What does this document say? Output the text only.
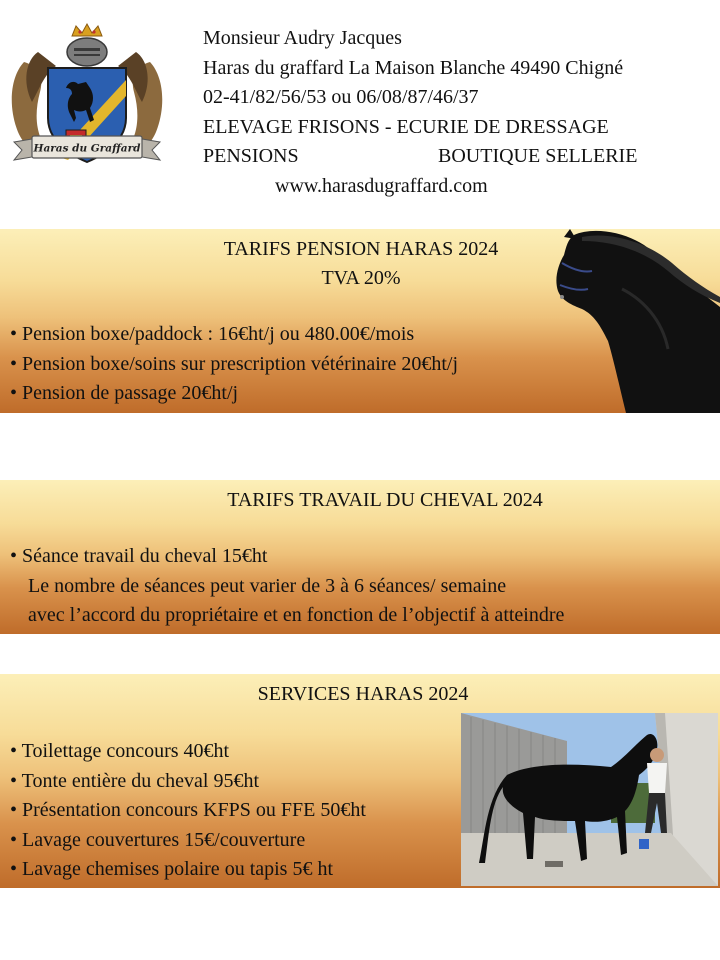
Haras du Graffard
Monsieur Audry Jacques
Haras du graffard La Maison Blanche 49490 Chigné
02-41/82/56/53 ou 06/08/87/46/37
ELEVAGE FRISONS - ECURIE DE DRESSAGE
PENSIONS	BOUTIQUE SELLERIE
www.harasdugraffard.com
TARIFS PENSION HARAS 2024
TVA 20%
• Pension boxe/paddock : 16€ht/j ou 480.00€/mois
• Pension boxe/soins sur prescription vétérinaire 20€ht/j
• Pension de passage 20€ht/j
TARIFS TRAVAIL DU CHEVAL 2024
• Séance travail du cheval 15€ht
Le nombre de séances peut varier de 3 à 6 séances/ semaine
avec l’accord du propriétaire et en fonction de l’objectif à atteindre
SERVICES HARAS 2024
• Toilettage concours 40€ht
• Tonte entière du cheval 95€ht
• Présentation concours KFPS ou FFE 50€ht
• Lavage couvertures 15€/couverture
• Lavage chemises polaire ou tapis 5€ ht
